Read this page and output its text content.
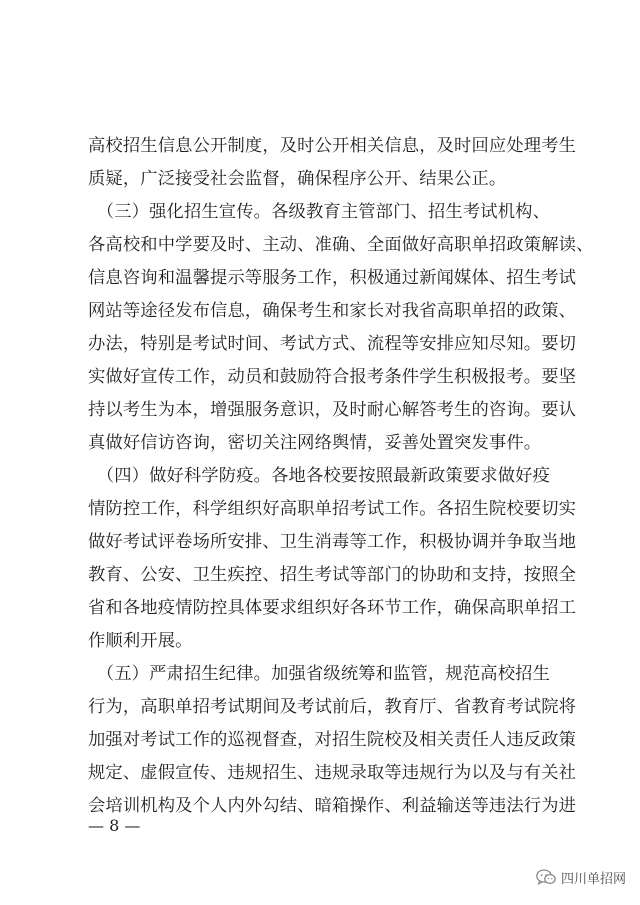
高校招生信息公开制度，及时公开相关信息，及时回应处理考生
质疑，广泛接受社会监督，确保程序公开、结果公正。
　（三）强化招生宣传。各级教育主管部门、招生考试机构、
各高校和中学要及时、主动、准确、全面做好高职单招政策解读、
信息咨询和温馨提示等服务工作，积极通过新闻媒体、招生考试
网站等途径发布信息，确保考生和家长对我省高职单招的政策、
办法，特别是考试时间、考试方式、流程等安排应知尽知。要切
实做好宣传工作，动员和鼓励符合报考条件学生积极报考。要坚
持以考生为本，增强服务意识，及时耐心解答考生的咨询。要认
真做好信访咨询，密切关注网络舆情，妥善处置突发事件。
　（四）做好科学防疫。各地各校要按照最新政策要求做好疫
情防控工作，科学组织好高职单招考试工作。各招生院校要切实
做好考试评卷场所安排、卫生消毒等工作，积极协调并争取当地
教育、公安、卫生疾控、招生考试等部门的协助和支持，按照全
省和各地疫情防控具体要求组织好各环节工作，确保高职单招工
作顺利开展。
　（五）严肃招生纪律。加强省级统筹和监管，规范高校招生
行为，高职单招考试期间及考试前后，教育厅、省教育考试院将
加强对考试工作的巡视督查，对招生院校及相关责任人违反政策
规定、虚假宣传、违规招生、违规录取等违规行为以及与有关社
会培训机构及个人内外勾结、暗箱操作、利益输送等违法行为进
— 8 —
四川单招网
